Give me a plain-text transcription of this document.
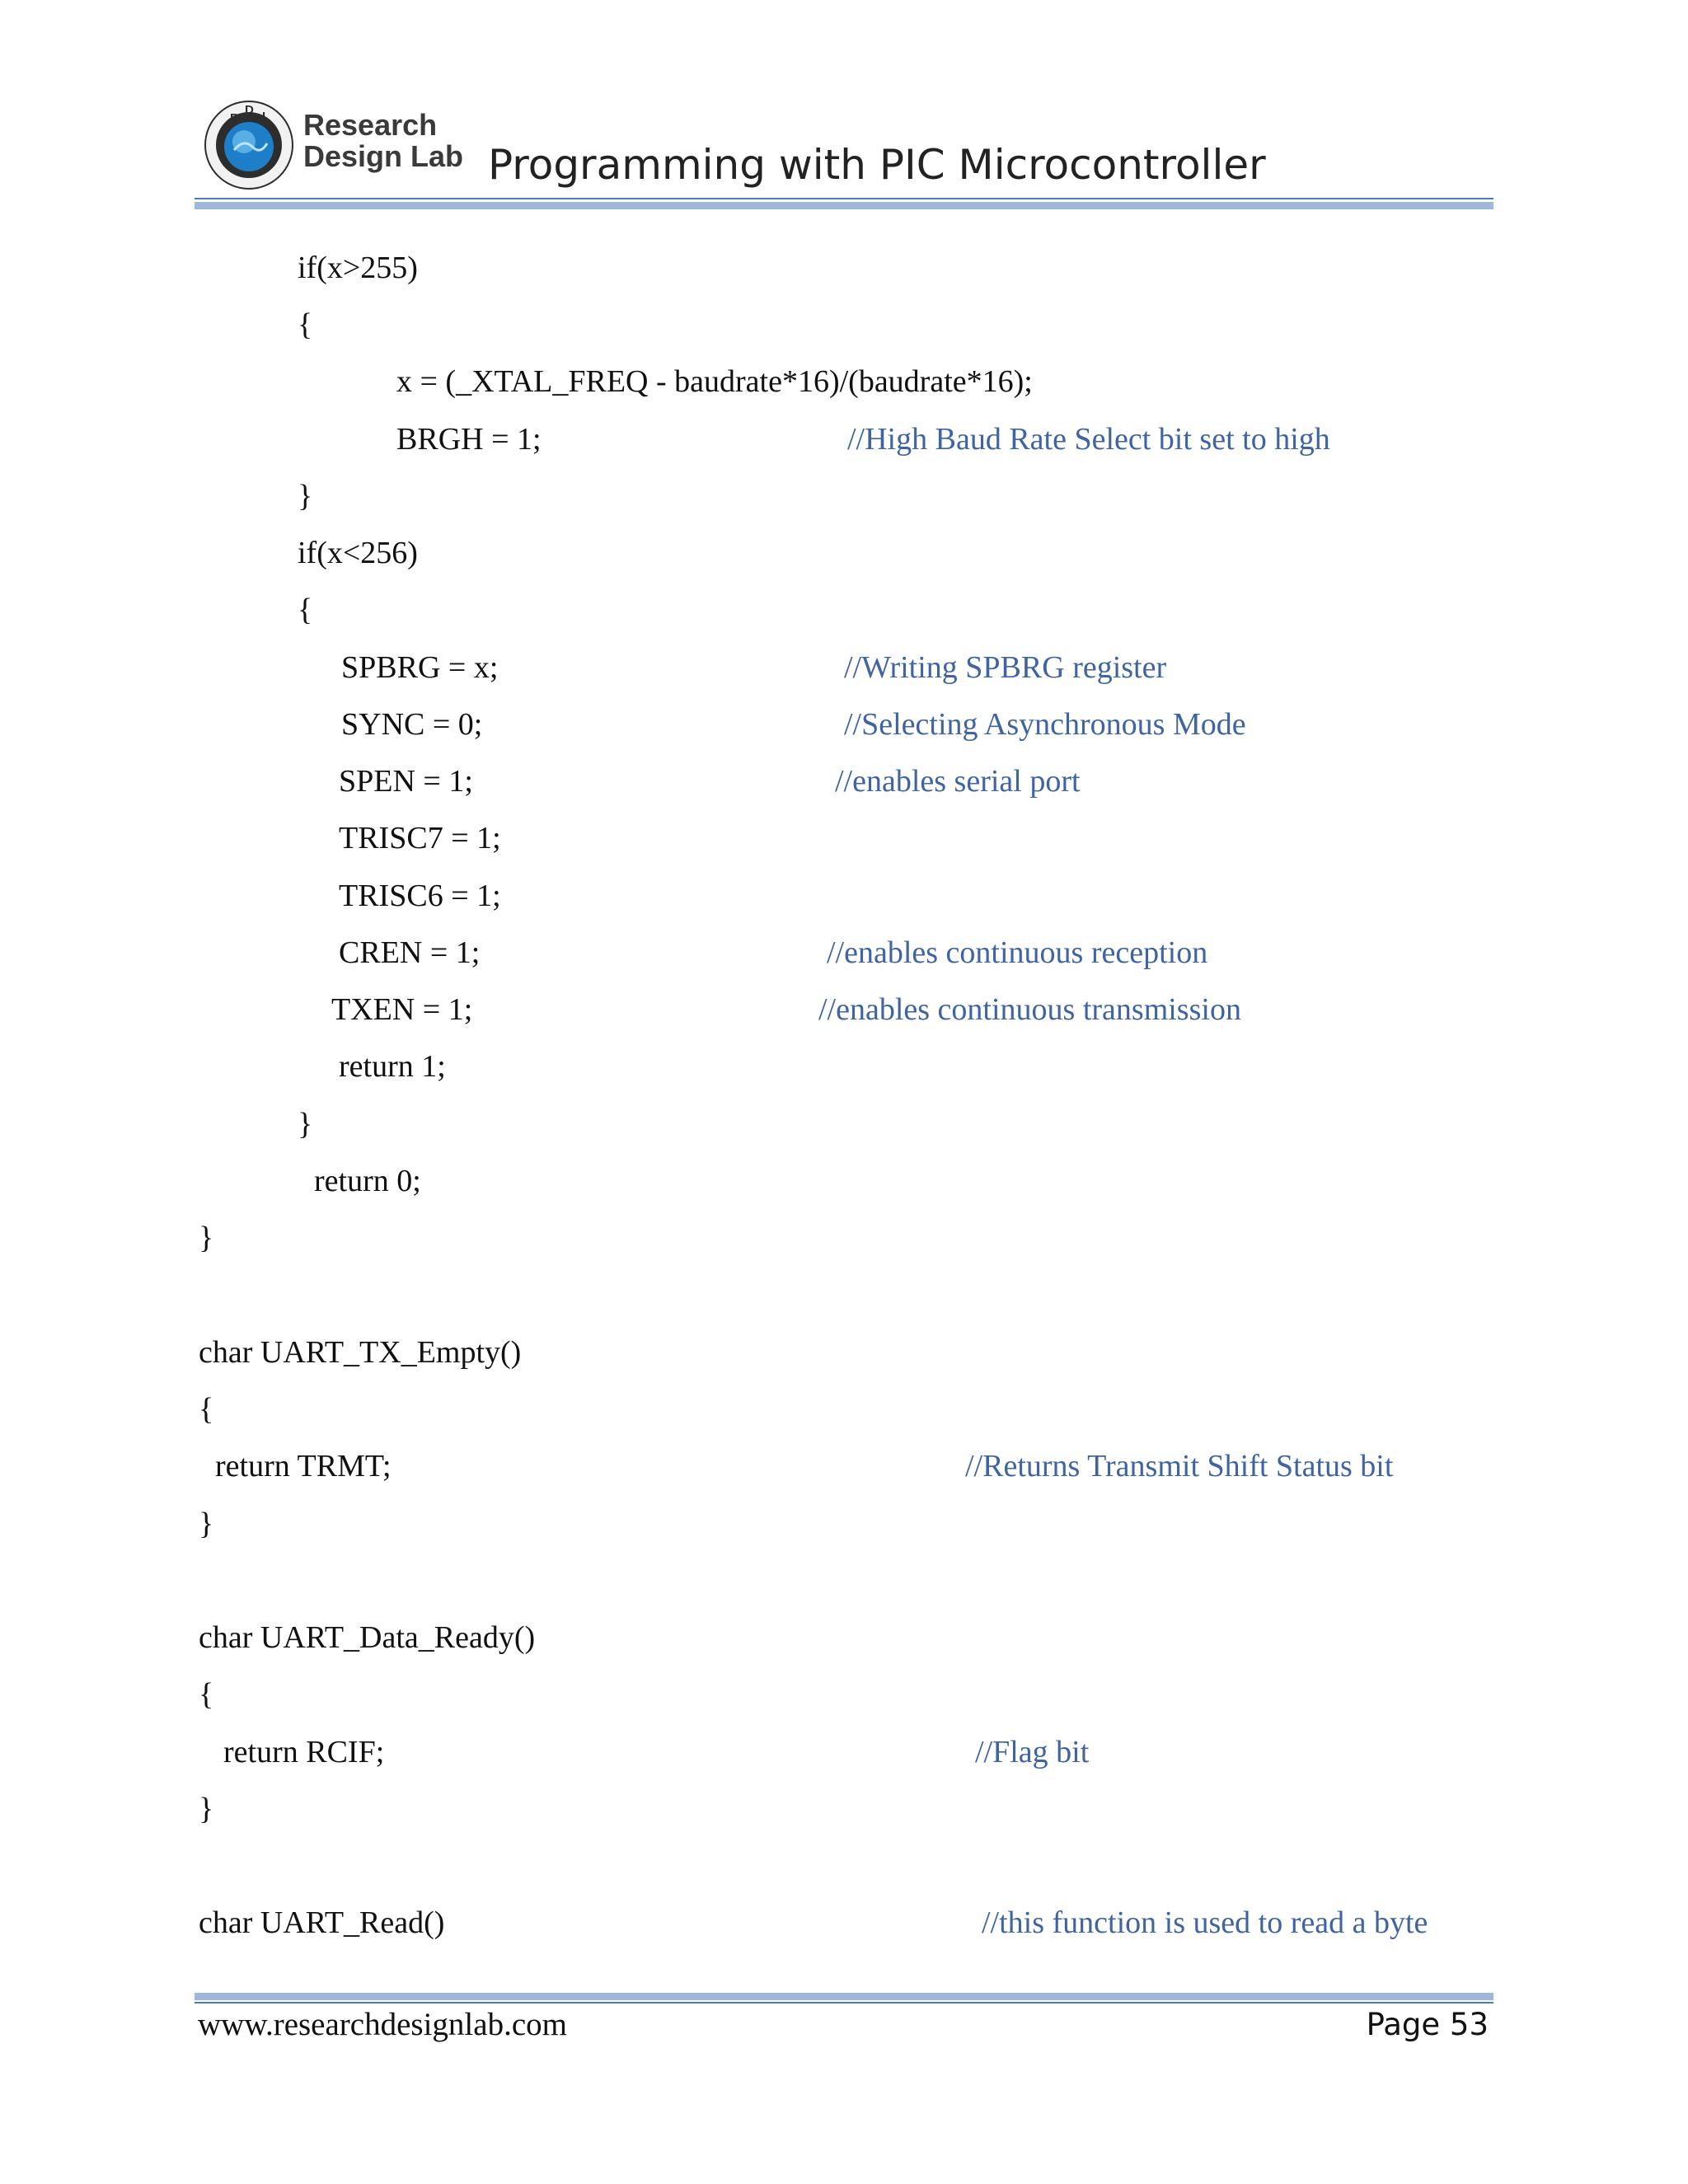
R
D L Research
Design Lab Programming with PIC Microcontroller

if(x>255)

{

x = (_XTAL_FREQ - baudrate*16)/(baudrate*16);

BRGH = 1;	//High Baud Rate Select bit set to high

}

if(x<256)

{

SPBRG = x;	//Writing SPBRG register

SYNC = 0;	//Selecting Asynchronous Mode

SPEN = 1;	//enables serial port

TRISC7 = 1;

TRISC6 = 1;

CREN = 1;	//enables continuous reception

TXEN = 1;	//enables continuous transmission

return 1;

}

return 0;

}

char UART_TX_Empty()

{

return TRMT;	//Returns Transmit Shift Status bit

}

char UART_Data_Ready()

{

return RCIF;	//Flag bit

}

char UART_Read()	//this function is used to read a byte

www.researchdesignlab.com	Page 53
